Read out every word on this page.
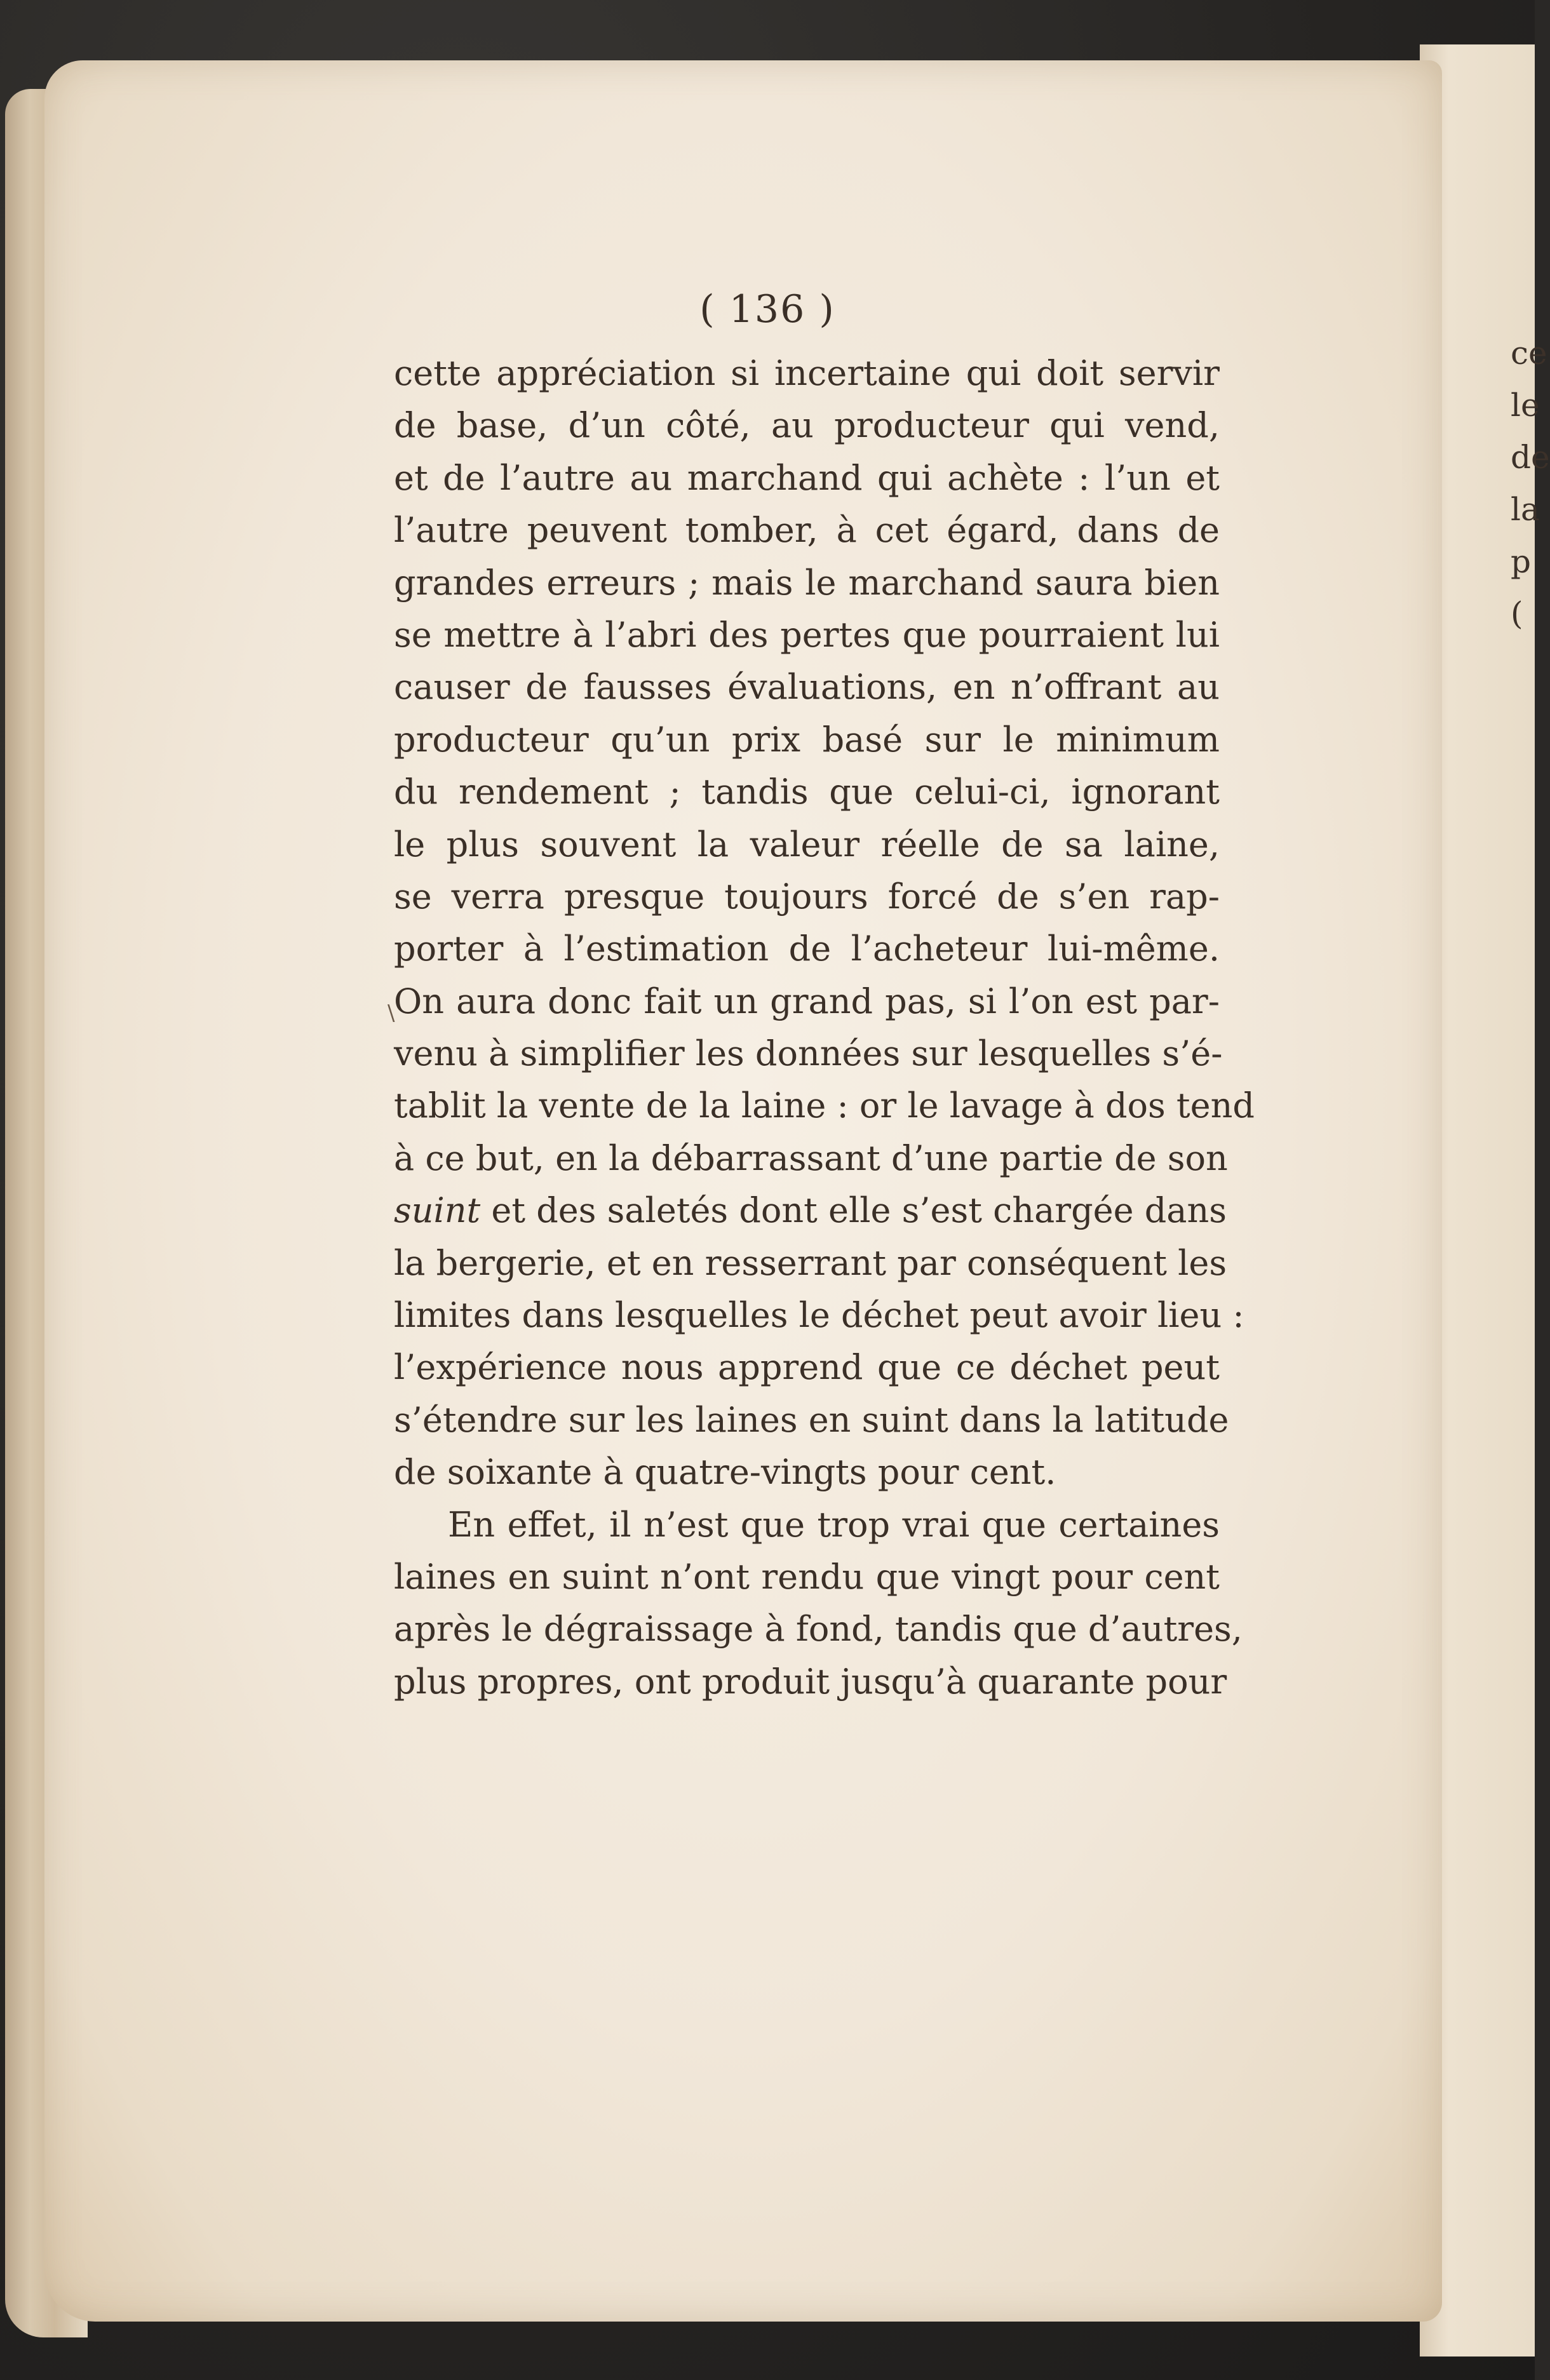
ce
le
de
la
p
(
( 136 )
\
cette appréciation si incertaine qui doit servir
de base, d’un côté, au producteur qui vend,
et de l’autre au marchand qui achète : l’un et
l’autre peuvent tomber, à cet égard, dans de
grandes erreurs ; mais le marchand saura bien
se mettre à l’abri des pertes que pourraient lui
causer de fausses évaluations, en n’offrant au
producteur qu’un prix basé sur le minimum
du rendement ; tandis que celui-ci, ignorant
le plus souvent la valeur réelle de sa laine,
se verra presque toujours forcé de s’en rap-
porter à l’estimation de l’acheteur lui-même.
On aura donc fait un grand pas, si l’on est par-
venu à simplifier les données sur lesquelles s’é-
tablit la vente de la laine : or le lavage à dos tend
à ce but, en la débarrassant d’une partie de son
suint et des saletés dont elle s’est chargée dans
la bergerie, et en resserrant par conséquent les
limites dans lesquelles le déchet peut avoir lieu :
l’expérience nous apprend que ce déchet peut
s’étendre sur les laines en suint dans la latitude
de soixante à quatre-vingts pour cent.
En effet, il n’est que trop vrai que certaines
laines en suint n’ont rendu que vingt pour cent
après le dégraissage à fond, tandis que d’autres,
plus propres, ont produit jusqu’à quarante pour
